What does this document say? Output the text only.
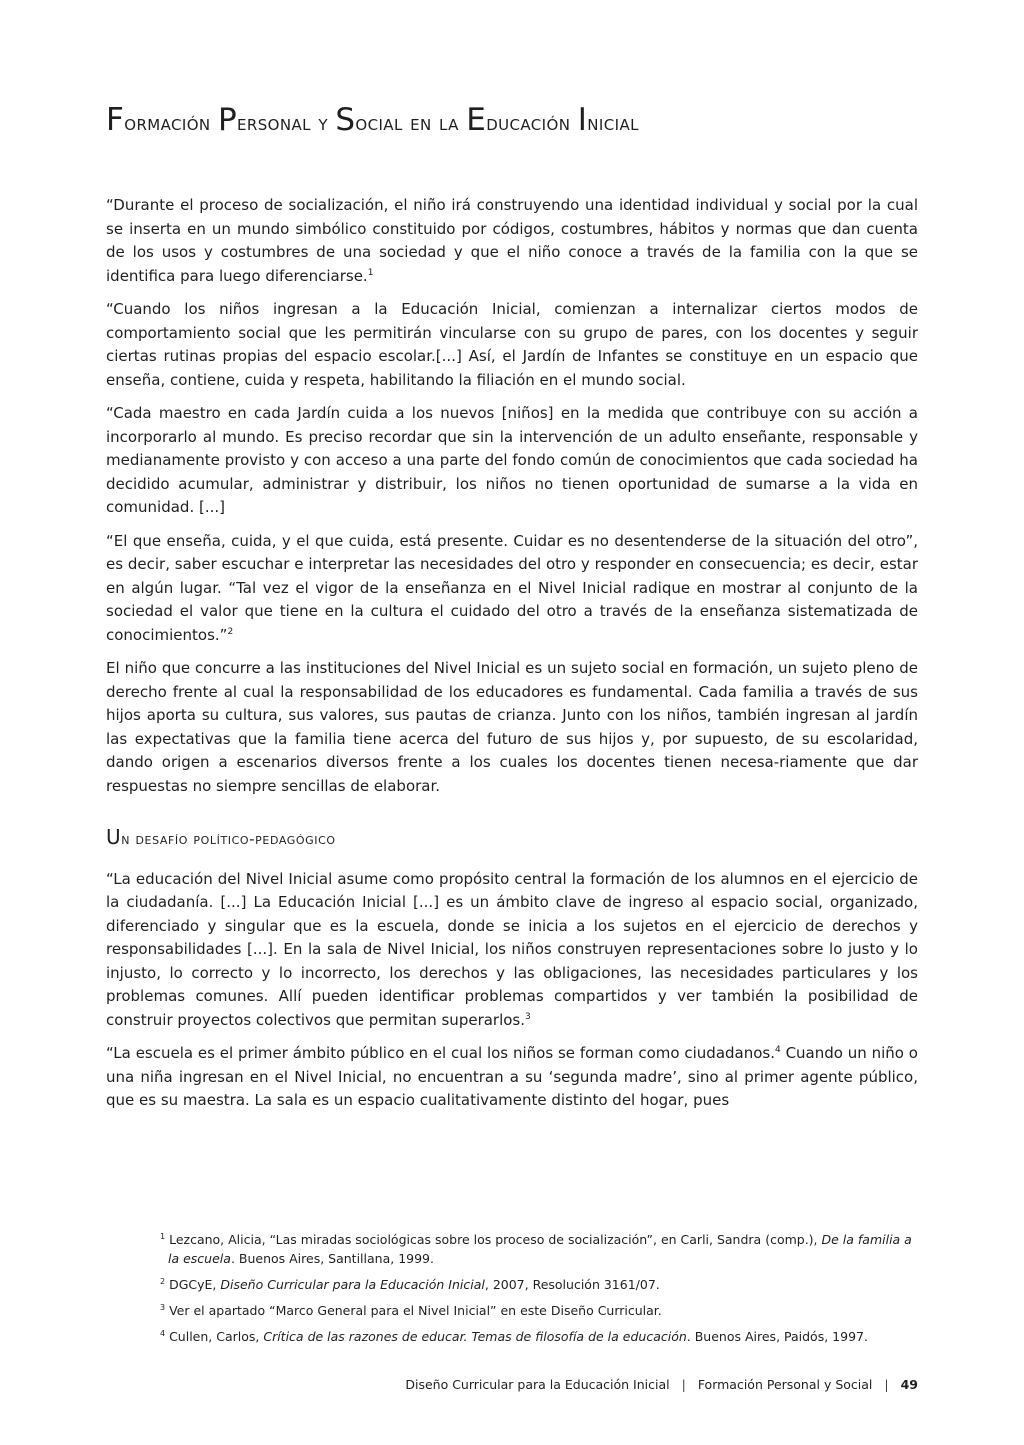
Formación Personal y Social en la Educación Inicial

“Durante el proceso de socialización, el niño irá construyendo una identidad individual y social por la cual se inserta en un mundo simbólico constituido por códigos, costumbres, hábitos y normas que dan cuenta de los usos y costumbres de una sociedad y que el niño conoce a través de la familia con la que se identifica para luego diferenciarse.$^1$

“Cuando los niños ingresan a la Educación Inicial, comienzan a internalizar ciertos modos de comportamiento social que les permitirán vincularse con su grupo de pares, con los docentes y seguir ciertas rutinas propias del espacio escolar.[...] Así, el Jardín de Infantes se constituye en un espacio que enseña, contiene, cuida y respeta, habilitando la filiación en el mundo social.

“Cada maestro en cada Jardín cuida a los nuevos [niños] en la medida que contribuye con su acción a incorporarlo al mundo. Es preciso recordar que sin la intervención de un adulto enseñante, responsable y medianamente provisto y con acceso a una parte del fondo común de conocimientos que cada sociedad ha decidido acumular, administrar y distribuir, los niños no tienen oportunidad de sumarse a la vida en comunidad. [...]

“El que enseña, cuida, y el que cuida, está presente. Cuidar es no desentenderse de la situación del otro”, es decir, saber escuchar e interpretar las necesidades del otro y responder en consecuencia; es decir, estar en algún lugar. “Tal vez el vigor de la enseñanza en el Nivel Inicial radique en mostrar al conjunto de la sociedad el valor que tiene en la cultura el cuidado del otro a través de la enseñanza sistematizada de conocimientos.”$^2$

El niño que concurre a las instituciones del Nivel Inicial es un sujeto social en formación, un sujeto pleno de derecho frente al cual la responsabilidad de los educadores es fundamental. Cada familia a través de sus hijos aporta su cultura, sus valores, sus pautas de crianza. Junto con los niños, también ingresan al jardín las expectativas que la familia tiene acerca del futuro de sus hijos y, por supuesto, de su escolaridad, dando origen a escenarios diversos frente a los cuales los docentes tienen necesa-riamente que dar respuestas no siempre sencillas de elaborar.

Un desafío político-pedagógico

“La educación del Nivel Inicial asume como propósito central la formación de los alumnos en el ejercicio de la ciudadanía. [...] La Educación Inicial [...] es un ámbito clave de ingreso al espacio social, organizado, diferenciado y singular que es la escuela, donde se inicia a los sujetos en el ejercicio de derechos y responsabilidades [...]. En la sala de Nivel Inicial, los niños construyen representaciones sobre lo justo y lo injusto, lo correcto y lo incorrecto, los derechos y las obligaciones, las necesidades particulares y los problemas comunes. Allí pueden identificar problemas compartidos y ver también la posibilidad de construir proyectos colectivos que permitan superarlos.$^3$

“La escuela es el primer ámbito público en el cual los niños se forman como ciudadanos.$^4$ Cuando un niño o una niña ingresan en el Nivel Inicial, no encuentran a su ‘segunda madre’, sino al primer agente público, que es su maestra. La sala es un espacio cualitativamente distinto del hogar, pues

$^1$ Lezcano, Alicia, “Las miradas sociológicas sobre los proceso de socialización”, en Carli, Sandra (comp.), De la familia a la escuela. Buenos Aires, Santillana, 1999.
$^2$ DGCyE, Diseño Curricular para la Educación Inicial, 2007, Resolución 3161/07.
$^3$ Ver el apartado “Marco General para el Nivel Inicial” en este Diseño Curricular.
$^4$ Cullen, Carlos, Crítica de las razones de educar. Temas de filosofía de la educación. Buenos Aires, Paidós, 1997.
Diseño Curricular para la Educación Inicial | Formación Personal y Social | 49
